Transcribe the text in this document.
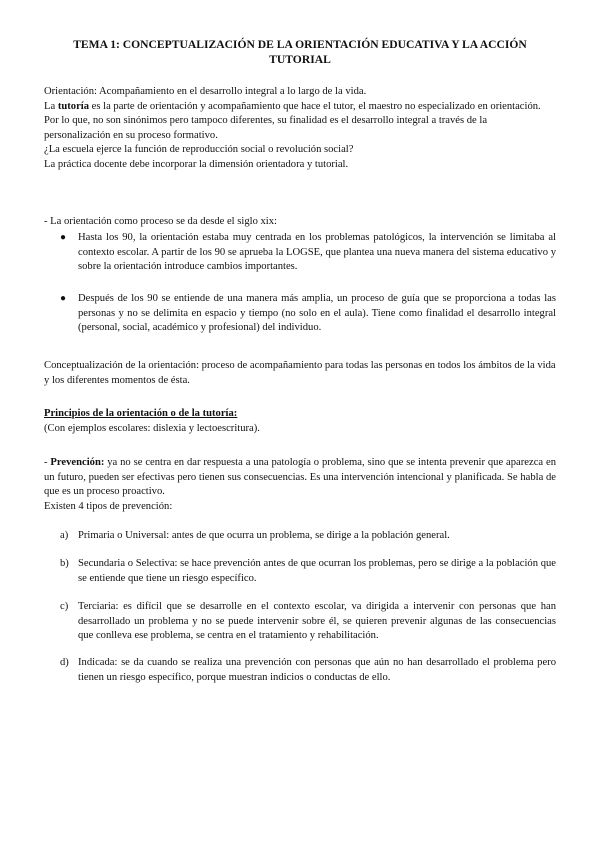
TEMA 1: CONCEPTUALIZACIÓN DE LA ORIENTACIÓN EDUCATIVA Y LA ACCIÓN TUTORIAL

Orientación: Acompañamiento en el desarrollo integral a lo largo de la vida.

La tutoría es la parte de orientación y acompañamiento que hace el tutor, el maestro no especializado en orientación.

Por lo que, no son sinónimos pero tampoco diferentes, su finalidad es el desarrollo integral a través de la personalización en su proceso formativo.

¿La escuela ejerce la función de reproducción social o revolución social?

La práctica docente debe incorporar la dimensión orientadora y tutorial.

- La orientación como proceso se da desde el siglo xix:
● Hasta los 90, la orientación estaba muy centrada en los problemas patológicos, la intervención se limitaba al contexto escolar. A partir de los 90 se aprueba la LOGSE, que plantea una nueva manera del sistema educativo y sobre la orientación introduce cambios importantes.
● Después de los 90 se entiende de una manera más amplia, un proceso de guía que se proporciona a todas las personas y no se delimita en espacio y tiempo (no solo en el aula). Tiene como finalidad el desarrollo integral (personal, social, académico y profesional) del individuo.
Conceptualización de la orientación: proceso de acompañamiento para todas las personas en todos los ámbitos de la vida y los diferentes momentos de ésta.

Principios de la orientación o de la tutoría:

(Con ejemplos escolares: dislexia y lectoescritura).

- Prevención: ya no se centra en dar respuesta a una patología o problema, sino que se intenta prevenir que aparezca en un futuro, pueden ser efectivas pero tienen sus consecuencias. Es una intervención intencional y planificada. Se habla de que es un proceso proactivo.

Existen 4 tipos de prevención:

a) Primaria o Universal: antes de que ocurra un problema, se dirige a la población general.
b) Secundaria o Selectiva: se hace prevención antes de que ocurran los problemas, pero se dirige a la población que se entiende que tiene un riesgo específico.
c) Terciaria: es difícil que se desarrolle en el contexto escolar, va dirigida a intervenir con personas que han desarrollado un problema y no se puede intervenir sobre él, se quieren prevenir algunas de las consecuencias que conlleva ese problema, se centra en el tratamiento y rehabilitación.
d) Indicada: se da cuando se realiza una prevención con personas que aún no han desarrollado el problema pero tienen un riesgo específico, porque muestran indicios o conductas de ello.
